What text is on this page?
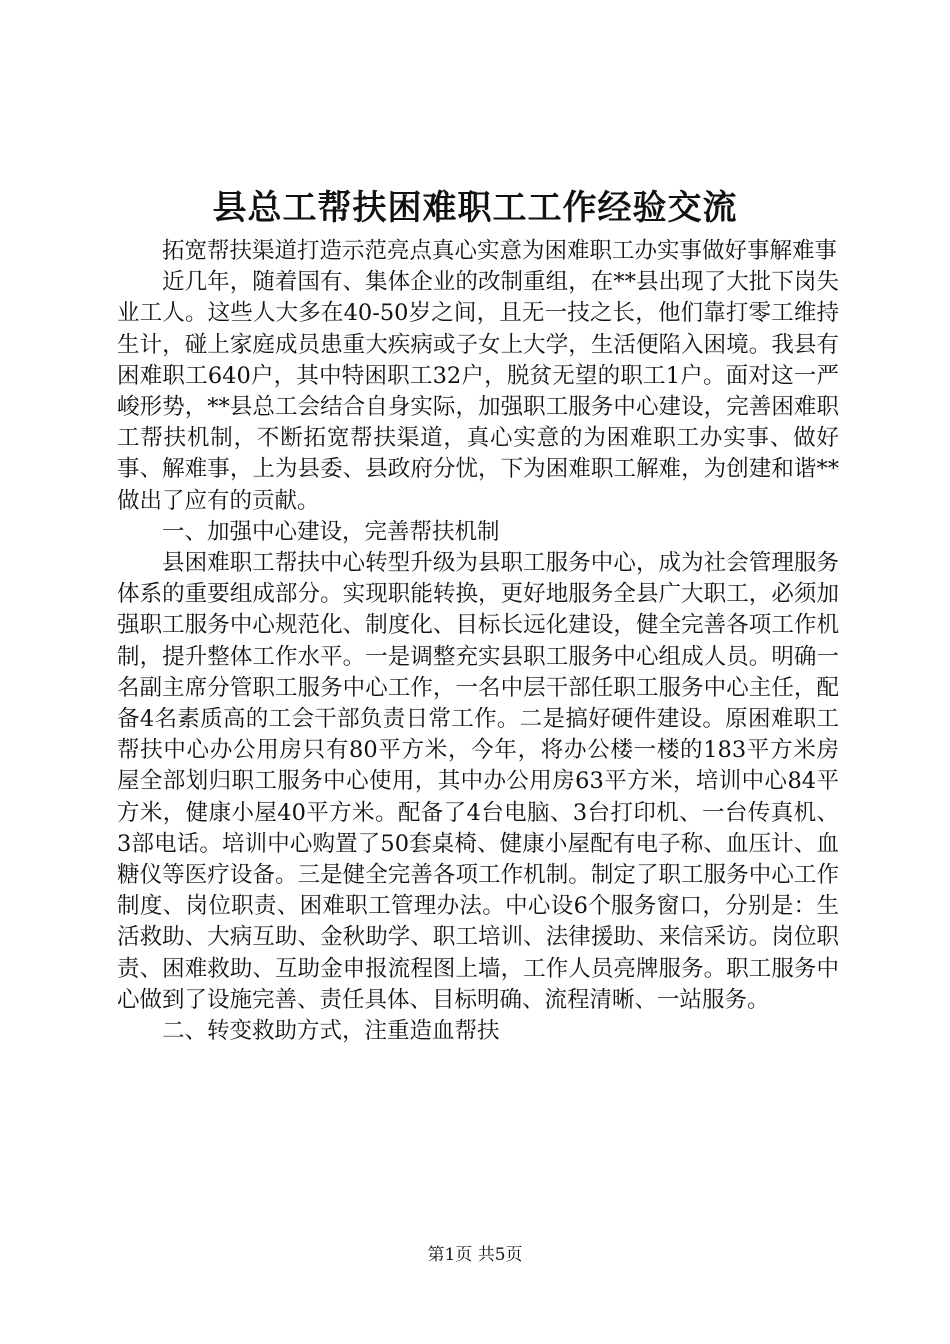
县总工帮扶困难职工工作经验交流

拓宽帮扶渠道打造示范亮点真心实意为困难职工办实事做好事解难事

近几年，随着国有、集体企业的改制重组，在**县出现了大批下岗失业工人。这些人大多在40-50岁之间，且无一技之长，他们靠打零工维持生计，碰上家庭成员患重大疾病或子女上大学，生活便陷入困境。我县有困难职工640户，其中特困职工32户，脱贫无望的职工1户。面对这一严峻形势，**县总工会结合自身实际，加强职工服务中心建设，完善困难职工帮扶机制，不断拓宽帮扶渠道，真心实意的为困难职工办实事、做好事、解难事，上为县委、县政府分忧，下为困难职工解难，为创建和谐**做出了应有的贡献。

一、加强中心建设，完善帮扶机制

县困难职工帮扶中心转型升级为县职工服务中心，成为社会管理服务体系的重要组成部分。实现职能转换，更好地服务全县广大职工，必须加强职工服务中心规范化、制度化、目标长远化建设，健全完善各项工作机制，提升整体工作水平。一是调整充实县职工服务中心组成人员。明确一名副主席分管职工服务中心工作，一名中层干部任职工服务中心主任，配备4名素质高的工会干部负责日常工作。二是搞好硬件建设。原困难职工帮扶中心办公用房只有80平方米，今年，将办公楼一楼的183平方米房屋全部划归职工服务中心使用，其中办公用房63平方米，培训中心84平方米，健康小屋40平方米。配备了4台电脑、3台打印机、一台传真机、3部电话。培训中心购置了50套桌椅、健康小屋配有电子称、血压计、血糖仪等医疗设备。三是健全完善各项工作机制。制定了职工服务中心工作制度、岗位职责、困难职工管理办法。中心设6个服务窗口，分别是：生活救助、大病互助、金秋助学、职工培训、法律援助、来信采访。岗位职责、困难救助、互助金申报流程图上墙，工作人员亮牌服务。职工服务中心做到了设施完善、责任具体、目标明确、流程清晰、一站服务。

二、转变救助方式，注重造血帮扶

第1页 共5页
